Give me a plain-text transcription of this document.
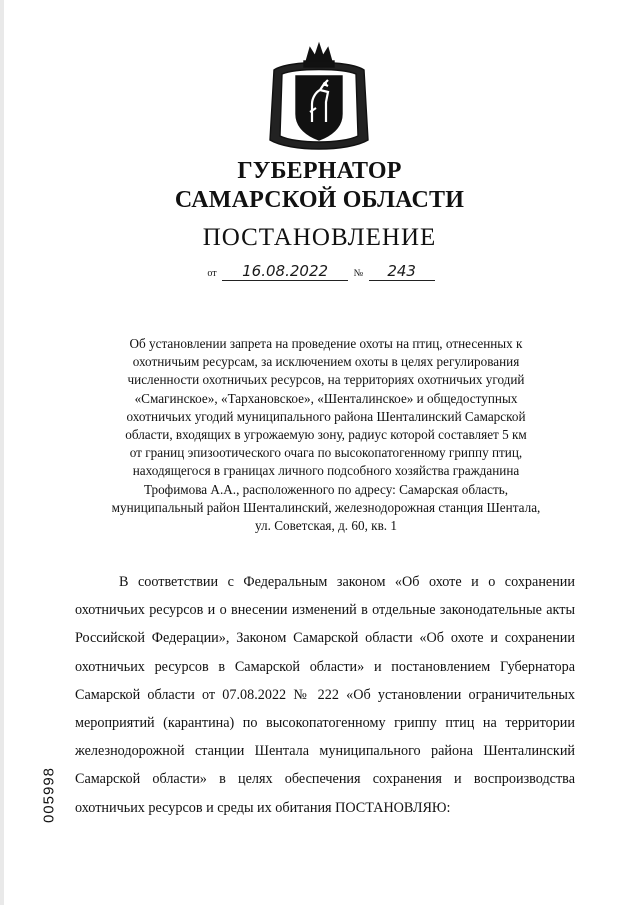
ГУБЕРНАТОР
САМАРСКОЙ ОБЛАСТИ
ПОСТАНОВЛЕНИЕ
от 16.08.2022	№ 243
Об установлении запрета на проведение охоты на птиц, отнесенных к
охотничьим ресурсам, за исключением охоты в целях регулирования
численности охотничьих ресурсов, на территориях охотничьих угодий
«Смагинское», «Тархановское», «Шенталинское» и общедоступных
охотничьих угодий муниципального района Шенталинский Самарской
области, входящих в угрожаемую зону, радиус которой составляет 5 км
от границ эпизоотического очага по высокопатогенному гриппу птиц,
находящегося в границах личного подсобного хозяйства гражданина
Трофимова А.А., расположенного по адресу: Самарская область,
муниципальный район Шенталинский, железнодорожная станция Шентала,
ул. Советская, д. 60, кв. 1
В соответствии с Федеральным законом «Об охоте и о сохранении охотничьих ресурсов и о внесении изменений в отдельные законодательные акты Российской Федерации», Законом Самарской области «Об охоте и сохранении охотничьих ресурсов в Самарской области» и постановлением Губернатора Самарской области от 07.08.2022 № 222 «Об установлении ограничительных мероприятий (карантина) по высокопатогенному гриппу птиц на территории железнодорожной станции Шентала муниципального района Шенталинский Самарской области» в целях обеспечения сохранения и воспроизводства охотничьих ресурсов и среды их обитания ПОСТАНОВЛЯЮ:
005998
